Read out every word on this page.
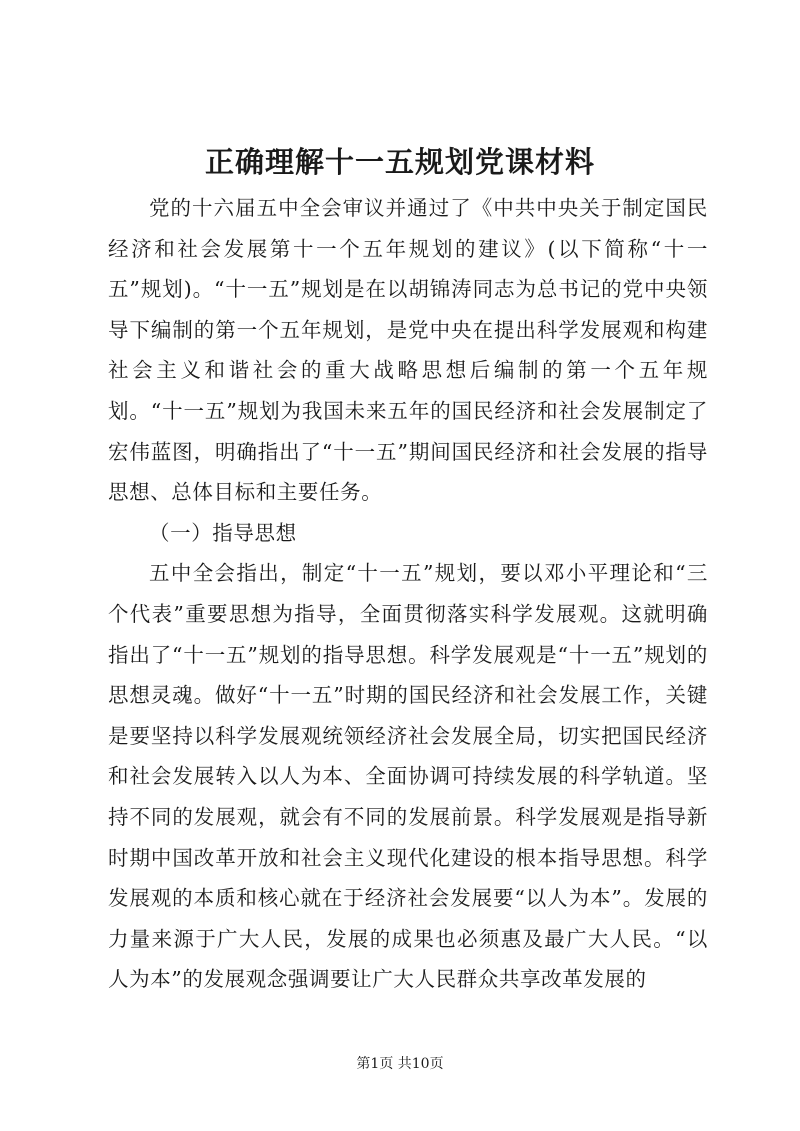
正确理解十一五规划党课材料

党的十六届五中全会审议并通过了《中共中央关于制定国民经济和社会发展第十一个五年规划的建议》(以下简称“十一五”规划)。“十一五”规划是在以胡锦涛同志为总书记的党中央领导下编制的第一个五年规划，是党中央在提出科学发展观和构建社会主义和谐社会的重大战略思想后编制的第一个五年规划。“十一五”规划为我国未来五年的国民经济和社会发展制定了宏伟蓝图，明确指出了“十一五”期间国民经济和社会发展的指导思想、总体目标和主要任务。

（一）指导思想

五中全会指出，制定“十一五”规划，要以邓小平理论和“三个代表”重要思想为指导，全面贯彻落实科学发展观。这就明确指出了“十一五”规划的指导思想。科学发展观是“十一五”规划的思想灵魂。做好“十一五”时期的国民经济和社会发展工作，关键是要坚持以科学发展观统领经济社会发展全局，切实把国民经济和社会发展转入以人为本、全面协调可持续发展的科学轨道。坚持不同的发展观，就会有不同的发展前景。科学发展观是指导新时期中国改革开放和社会主义现代化建设的根本指导思想。科学发展观的本质和核心就在于经济社会发展要“以人为本”。发展的力量来源于广大人民，发展的成果也必须惠及最广大人民。“以人为本”的发展观念强调要让广大人民群众共享改革发展的

第1页 共10页
